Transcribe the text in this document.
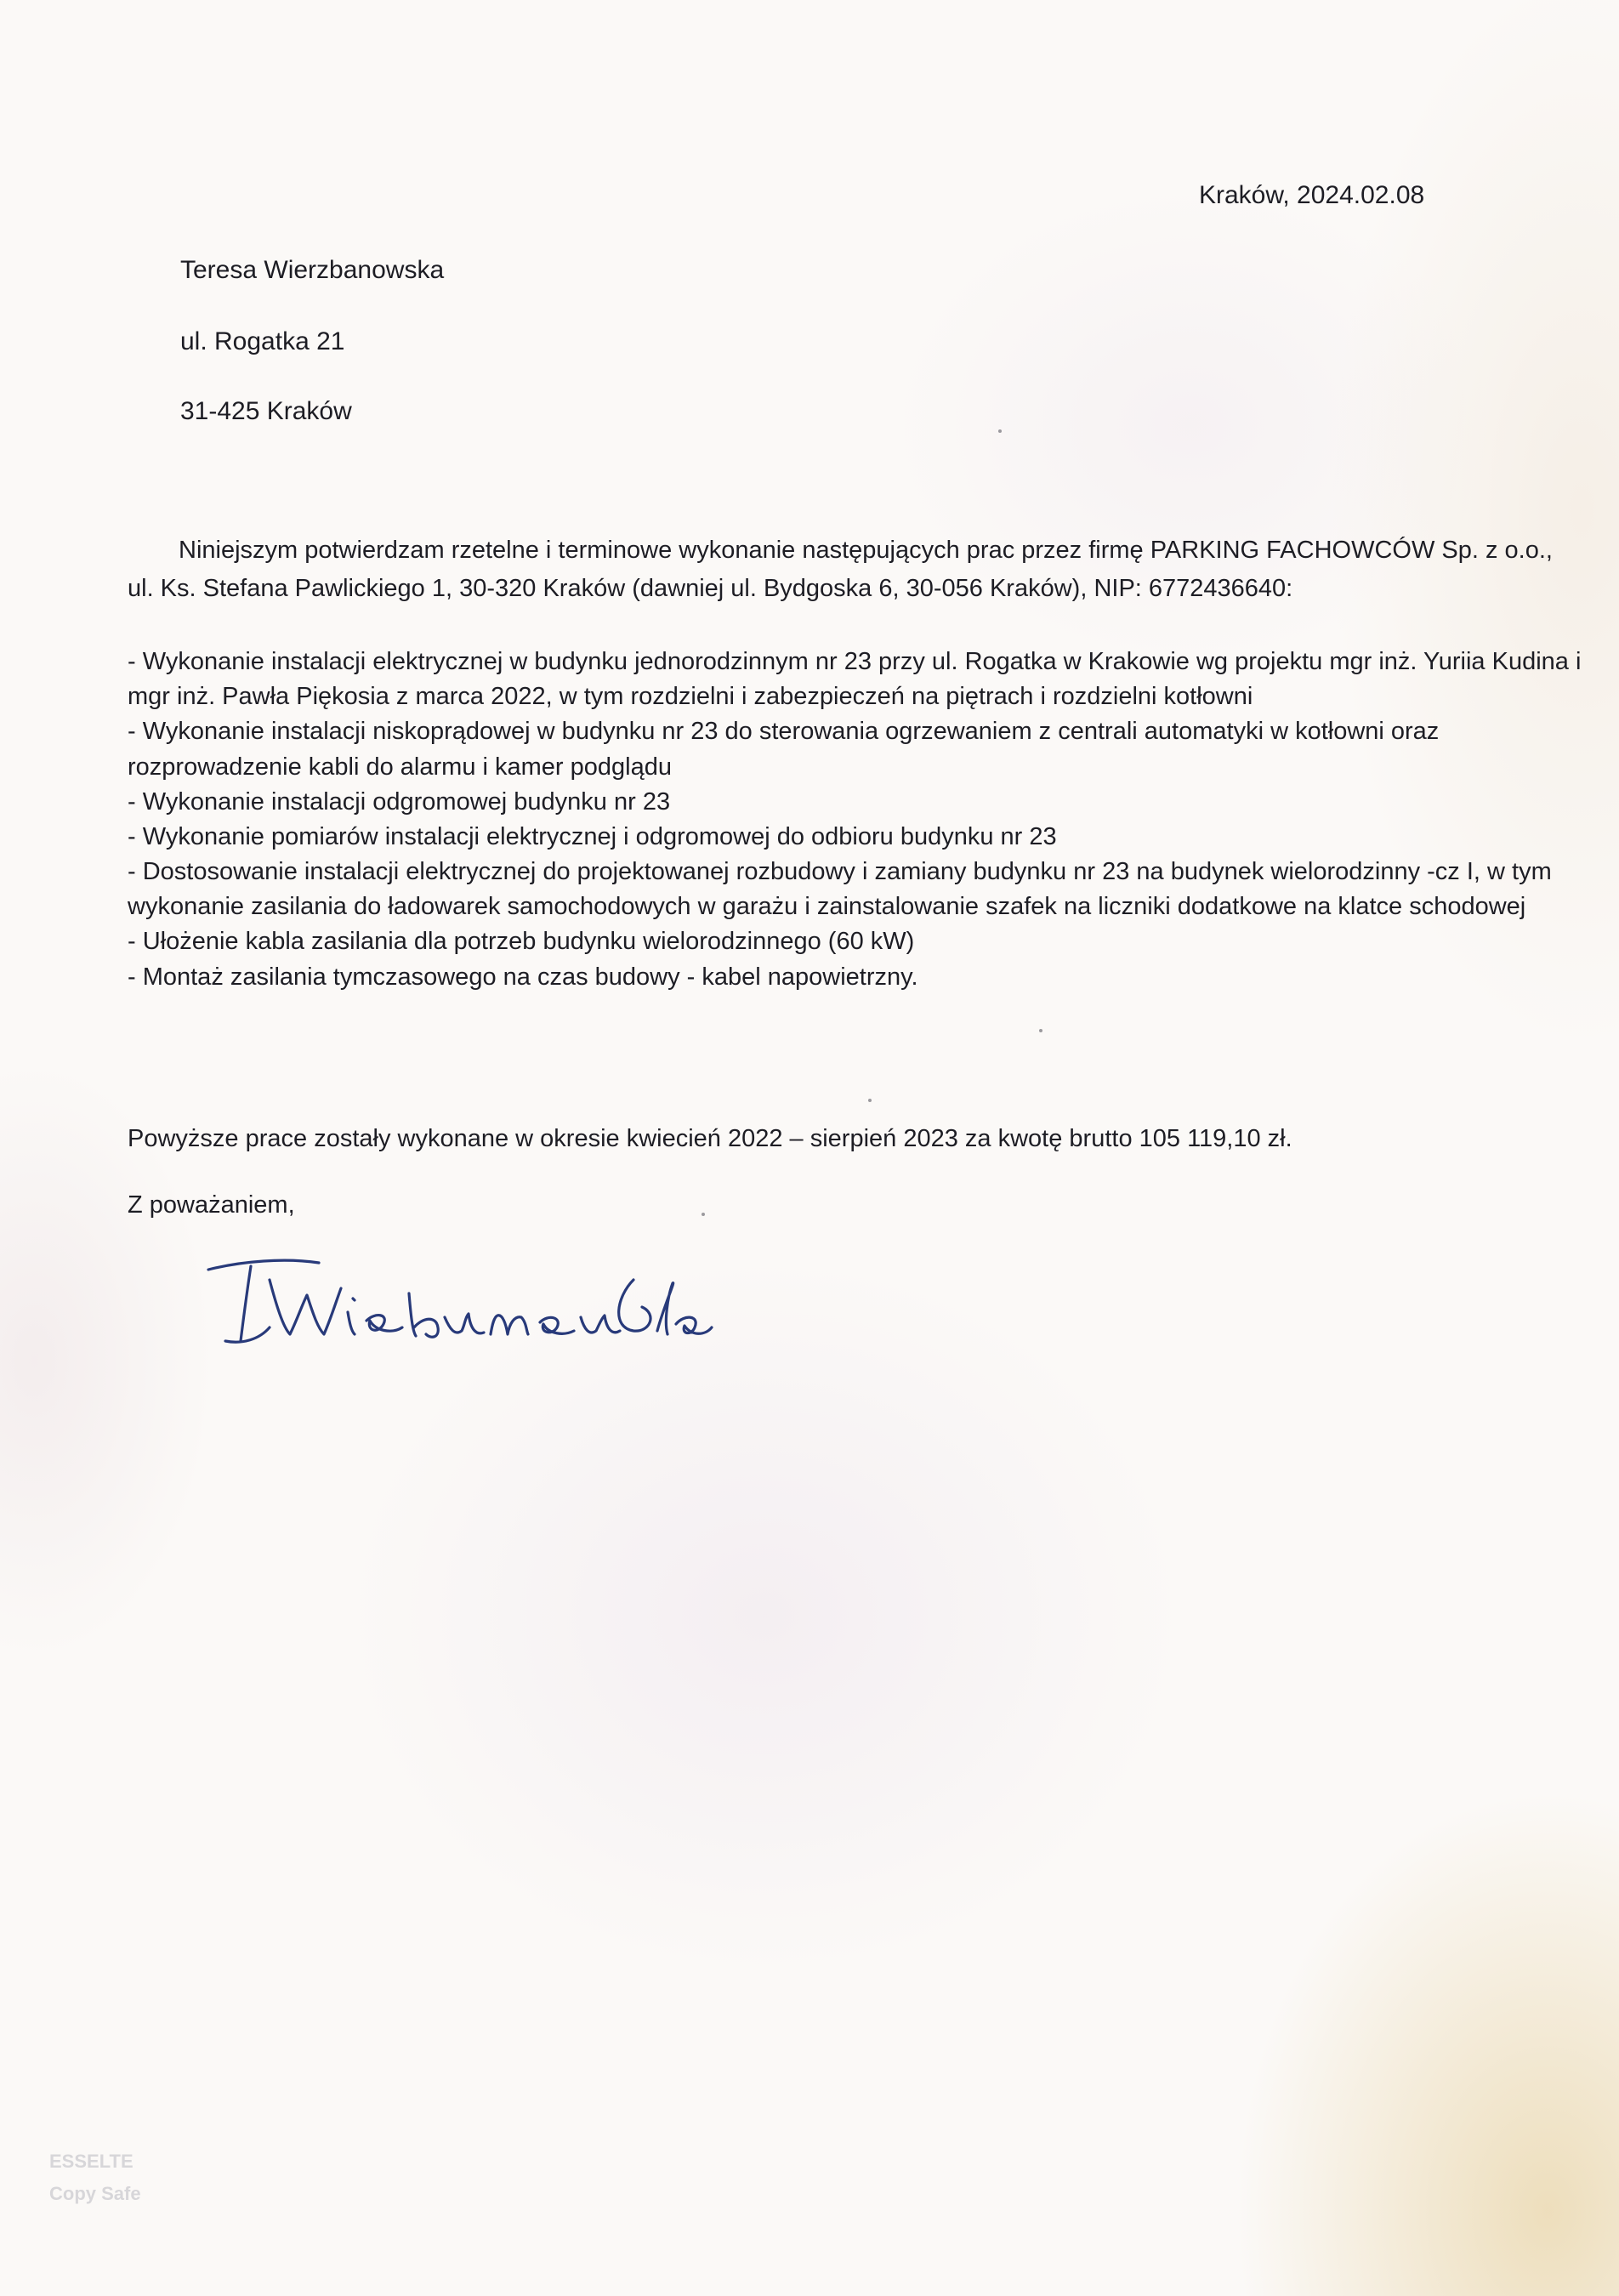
Kraków, 2024.02.08
Teresa Wierzbanowska
ul. Rogatka 21
31-425 Kraków
Niniejszym potwierdzam rzetelne i terminowe wykonanie następujących prac przez firmę PARKING FACHOWCÓW Sp. z o.o., ul. Ks. Stefana Pawlickiego 1, 30-320 Kraków (dawniej ul. Bydgoska 6, 30-056 Kraków), NIP: 6772436640:

- Wykonanie instalacji elektrycznej w budynku jednorodzinnym nr 23 przy ul. Rogatka w Krakowie wg projektu mgr inż. Yuriia Kudina i mgr inż. Pawła Piękosia z marca 2022, w tym rozdzielni i zabezpieczeń na piętrach i rozdzielni kotłowni

- Wykonanie instalacji niskoprądowej w budynku nr 23 do sterowania ogrzewaniem z centrali automatyki w kotłowni oraz rozprowadzenie kabli do alarmu i kamer podglądu

- Wykonanie instalacji odgromowej budynku nr 23

- Wykonanie pomiarów instalacji elektrycznej i odgromowej do odbioru budynku nr 23

- Dostosowanie instalacji elektrycznej do projektowanej rozbudowy i zamiany budynku nr 23 na budynek wielorodzinny -cz I, w tym wykonanie zasilania do ładowarek samochodowych w garażu i zainstalowanie szafek na liczniki dodatkowe na klatce schodowej

- Ułożenie kabla zasilania dla potrzeb budynku wielorodzinnego (60 kW)

- Montaż zasilania tymczasowego na czas budowy - kabel napowietrzny.

Powyższe prace zostały wykonane w okresie kwiecień 2022 – sierpień 2023 za kwotę brutto 105 119,10 zł.
Z poważaniem,
ESSELTE
Copy Safe
